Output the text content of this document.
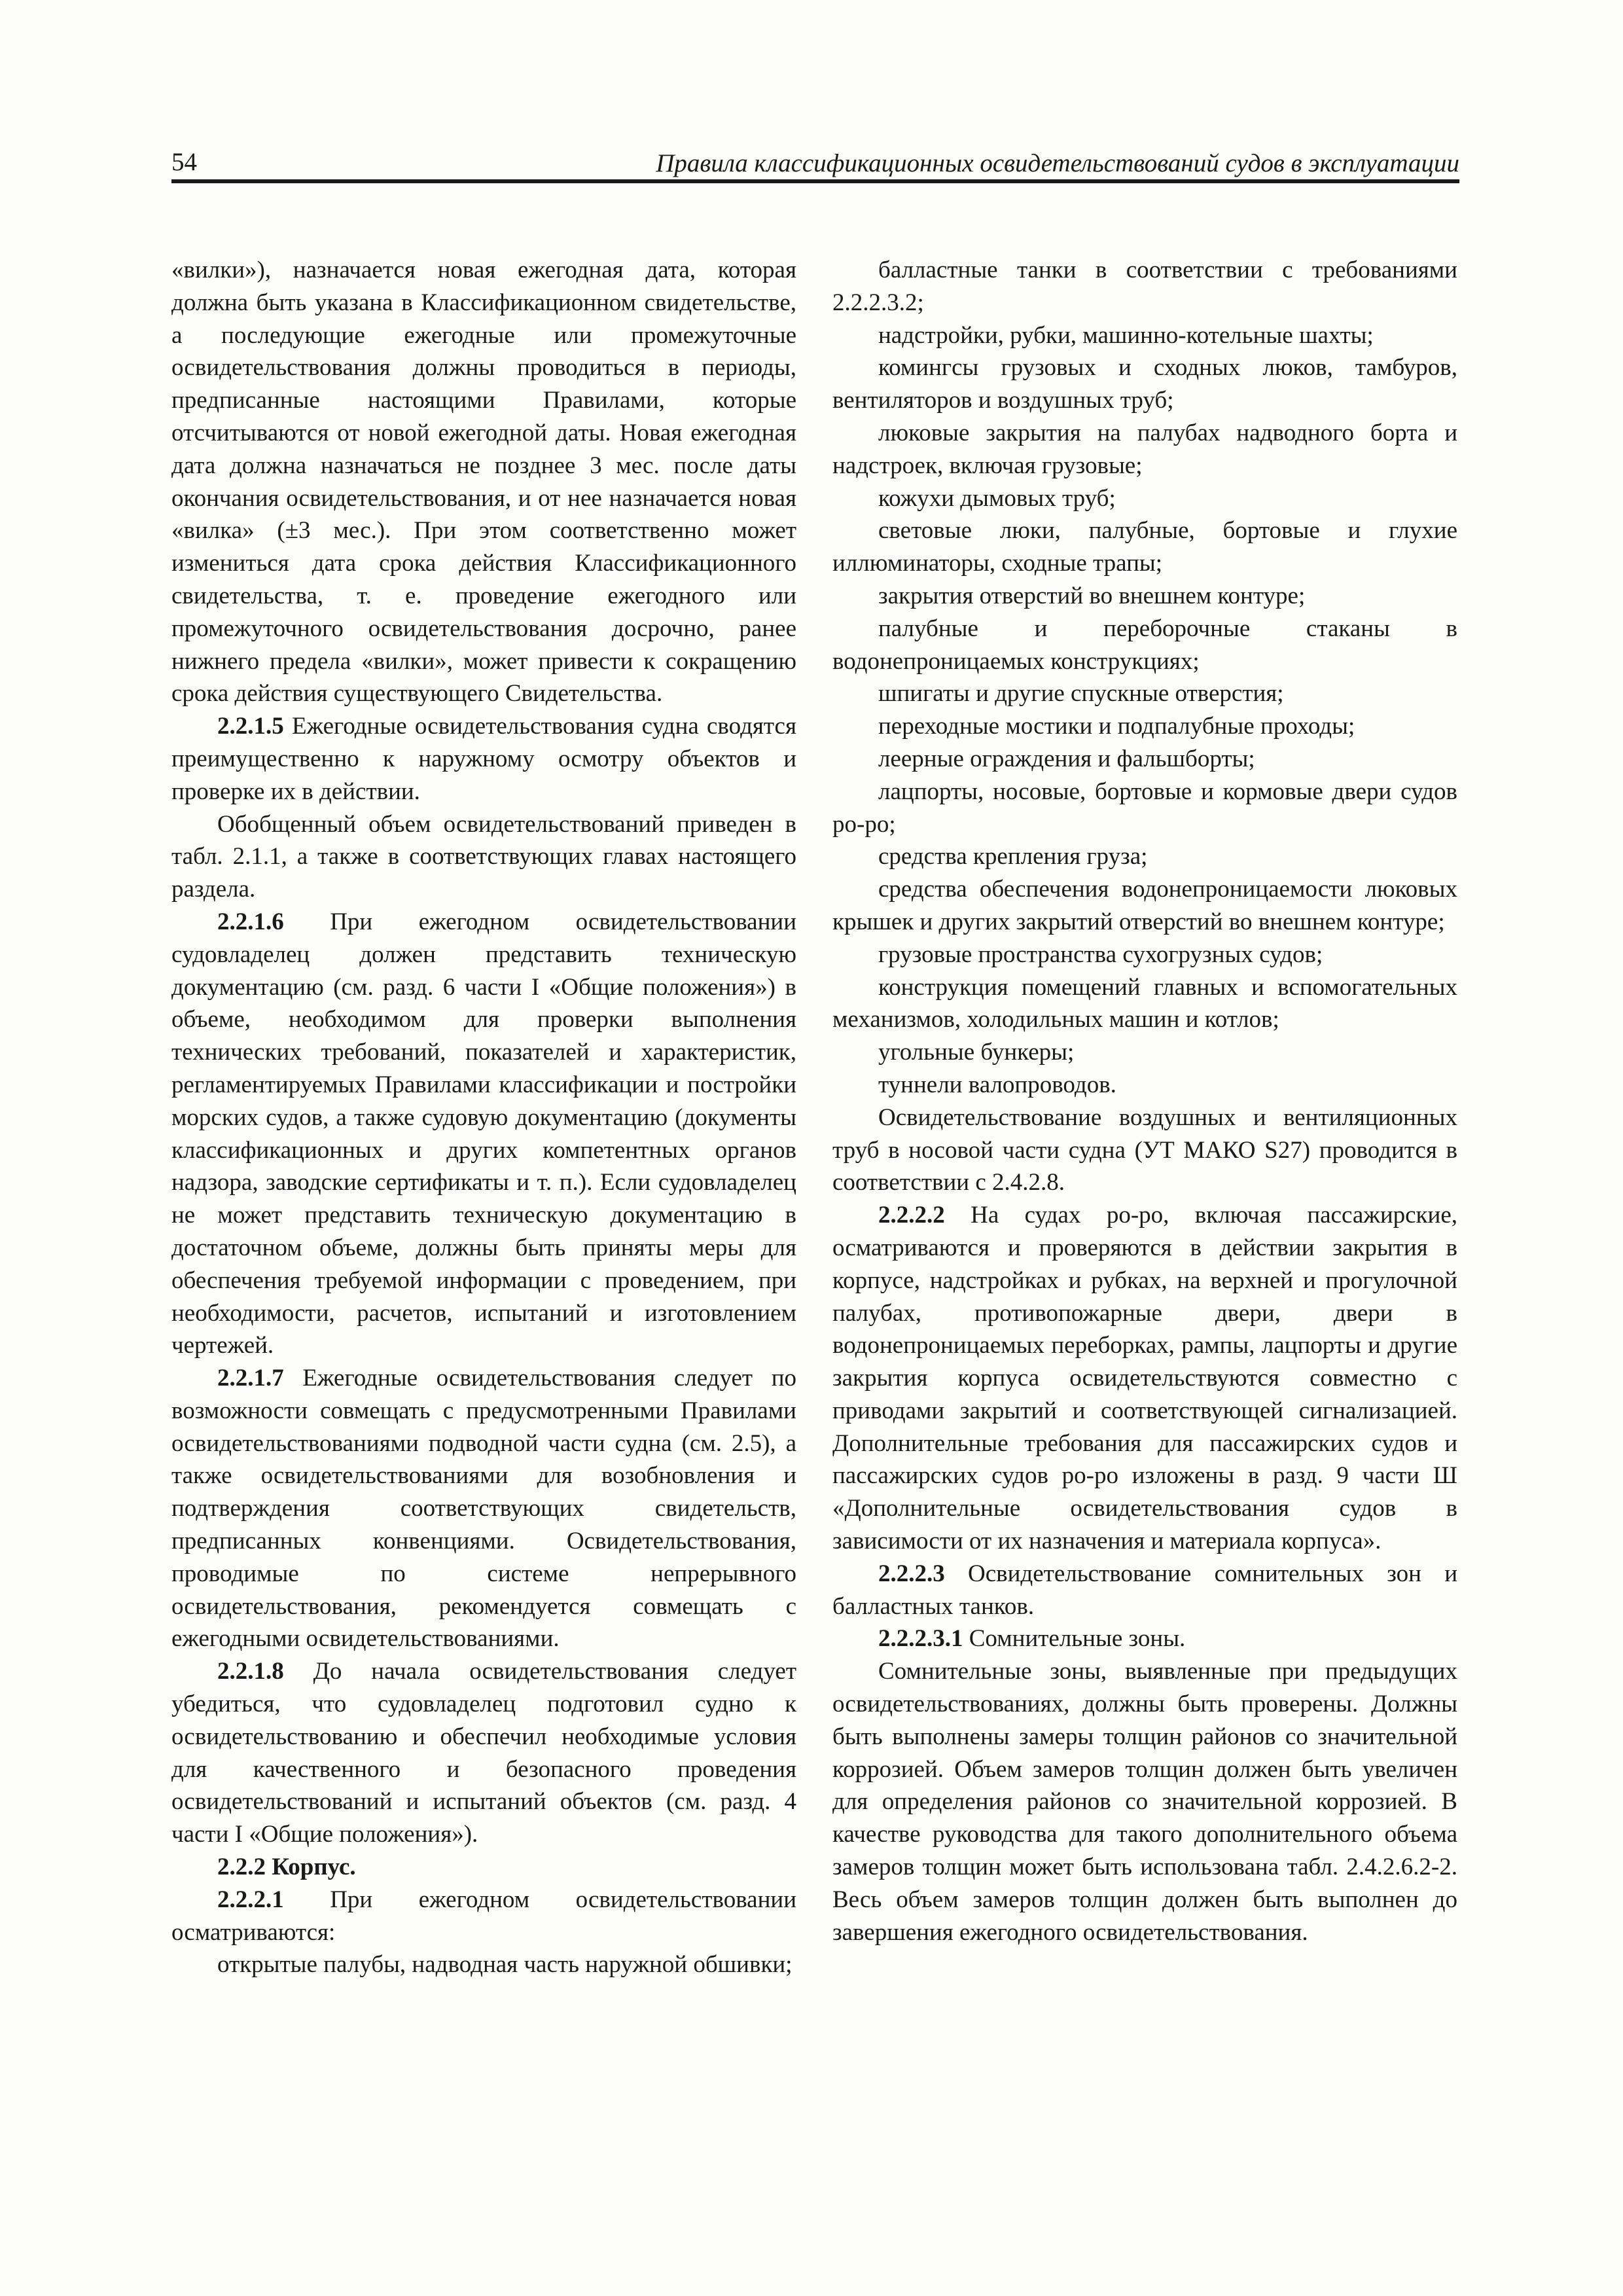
54	Правила классификационных освидетельствований судов в эксплуатации

«вилки»), назначается новая ежегодная дата, которая должна быть указана в Классификационном свидетельстве, а последующие ежегодные или промежуточные освидетельствования должны проводиться в периоды, предписанные настоящими Правилами, которые отсчитываются от новой ежегодной даты. Новая ежегодная дата должна назначаться не позднее 3 мес. после даты окончания освидетельствования, и от нее назначается новая «вилка» (±3 мес.). При этом соответственно может измениться дата срока действия Классификационного свидетельства, т. е. проведение ежегодного или промежуточного освидетельствования досрочно, ранее нижнего предела «вилки», может привести к сокращению срока действия существующего Свидетельства.

2.2.1.5 Ежегодные освидетельствования судна сводятся преимущественно к наружному осмотру объектов и проверке их в действии.

Обобщенный объем освидетельствований приведен в табл. 2.1.1, а также в соответствующих главах настоящего раздела.

2.2.1.6 При ежегодном освидетельствовании судовладелец должен представить техническую документацию (см. разд. 6 части I «Общие положения») в объеме, необходимом для проверки выполнения технических требований, показателей и характеристик, регламентируемых Правилами классификации и постройки морских судов, а также судовую документацию (документы классификационных и других компетентных органов надзора, заводские сертификаты и т. п.). Если судовладелец не может представить техническую документацию в достаточном объеме, должны быть приняты меры для обеспечения требуемой информации с проведением, при необходимости, расчетов, испытаний и изготовлением чертежей.

2.2.1.7 Ежегодные освидетельствования следует по возможности совмещать с предусмотренными Правилами освидетельствованиями подводной части судна (см. 2.5), а также освидетельствованиями для возобновления и подтверждения соответствующих свидетельств, предписанных конвенциями. Освидетельствования, проводимые по системе непрерывного освидетельствования, рекомендуется совмещать с ежегодными освидетельствованиями.

2.2.1.8 До начала освидетельствования следует убедиться, что судовладелец подготовил судно к освидетельствованию и обеспечил необходимые условия для качественного и безопасного проведения освидетельствований и испытаний объектов (см. разд. 4 части I «Общие положения»).

2.2.2 Корпус.

2.2.2.1 При ежегодном освидетельствовании осматриваются:

открытые палубы, надводная часть наружной обшивки;

балластные танки в соответствии с требованиями 2.2.2.3.2;

надстройки, рубки, машинно-котельные шахты;

комингсы грузовых и сходных люков, тамбуров, вентиляторов и воздушных труб;

люковые закрытия на палубах надводного борта и надстроек, включая грузовые;

кожухи дымовых труб;

световые люки, палубные, бортовые и глухие иллюминаторы, сходные трапы;

закрытия отверстий во внешнем контуре;

палубные и переборочные стаканы в водонепроницаемых конструкциях;

шпигаты и другие спускные отверстия;

переходные мостики и подпалубные проходы;

леерные ограждения и фальшборты;

лацпорты, носовые, бортовые и кормовые двери судов ро-ро;

средства крепления груза;

средства обеспечения водонепроницаемости люковых крышек и других закрытий отверстий во внешнем контуре;

грузовые пространства сухогрузных судов;

конструкция помещений главных и вспомогательных механизмов, холодильных машин и котлов;

угольные бункеры;

туннели валопроводов.

Освидетельствование воздушных и вентиляционных труб в носовой части судна (УТ МАКО S27) проводится в соответствии с 2.4.2.8.

2.2.2.2 На судах ро-ро, включая пассажирские, осматриваются и проверяются в действии закрытия в корпусе, надстройках и рубках, на верхней и прогулочной палубах, противопожарные двери, двери в водонепроницаемых переборках, рампы, лацпорты и другие закрытия корпуса освидетельствуются совместно с приводами закрытий и соответствующей сигнализацией. Дополнительные требования для пассажирских судов и пассажирских судов ро-ро изложены в разд. 9 части Ш «Дополнительные освидетельствования судов в зависимости от их назначения и материала корпуса».

2.2.2.3 Освидетельствование сомнительных зон и балластных танков.

2.2.2.3.1 Сомнительные зоны.

Сомнительные зоны, выявленные при предыдущих освидетельствованиях, должны быть проверены. Должны быть выполнены замеры толщин районов со значительной коррозией. Объем замеров толщин должен быть увеличен для определения районов со значительной коррозией. В качестве руководства для такого дополнительного объема замеров толщин может быть использована табл. 2.4.2.6.2-2. Весь объем замеров толщин должен быть выполнен до завершения ежегодного освидетельствования.
